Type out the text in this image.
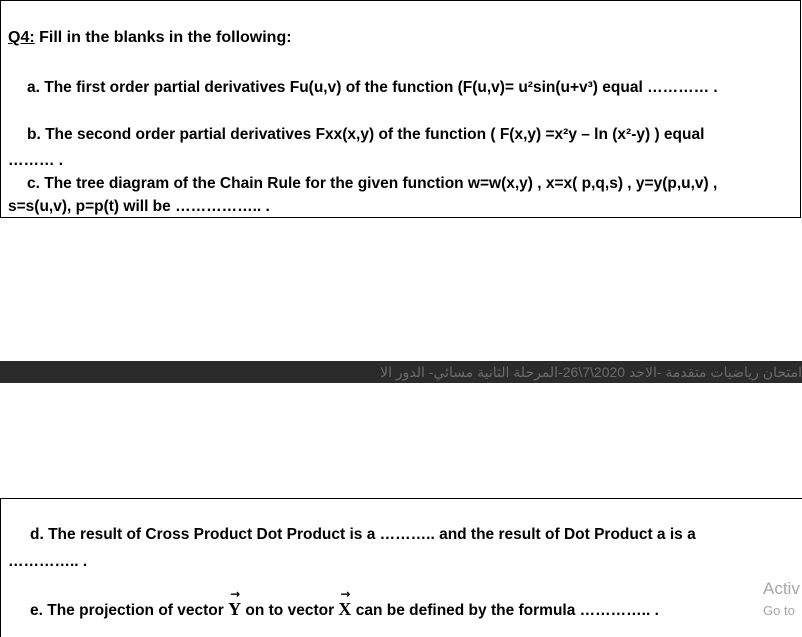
Q4: Fill in the blanks in the following:
a. The first order partial derivatives Fu(u,v) of the function (F(u,v)= u²sin(u+v³) equal ………… .
b. The second order partial derivatives Fxx(x,y) of the function ( F(x,y) =x²y – ln (x²-y) ) equal
……… .
c. The tree diagram of the Chain Rule for the given function w=w(x,y) , x=x( p,q,s) , y=y(p,u,v) ,
s=s(u,v), p=p(t) will be …………….. .
امتحان رياضيات متقدمة -الاحد 2020\7\26-المرحلة الثانية مسائي- الدور الا
d. The result of Cross Product Dot Product is a ……….. and the result of Dot Product a is a
………….. .
e. The projection of vector → Y on to vector → X can be defined by the formula ………….. .
Activ
Go to
